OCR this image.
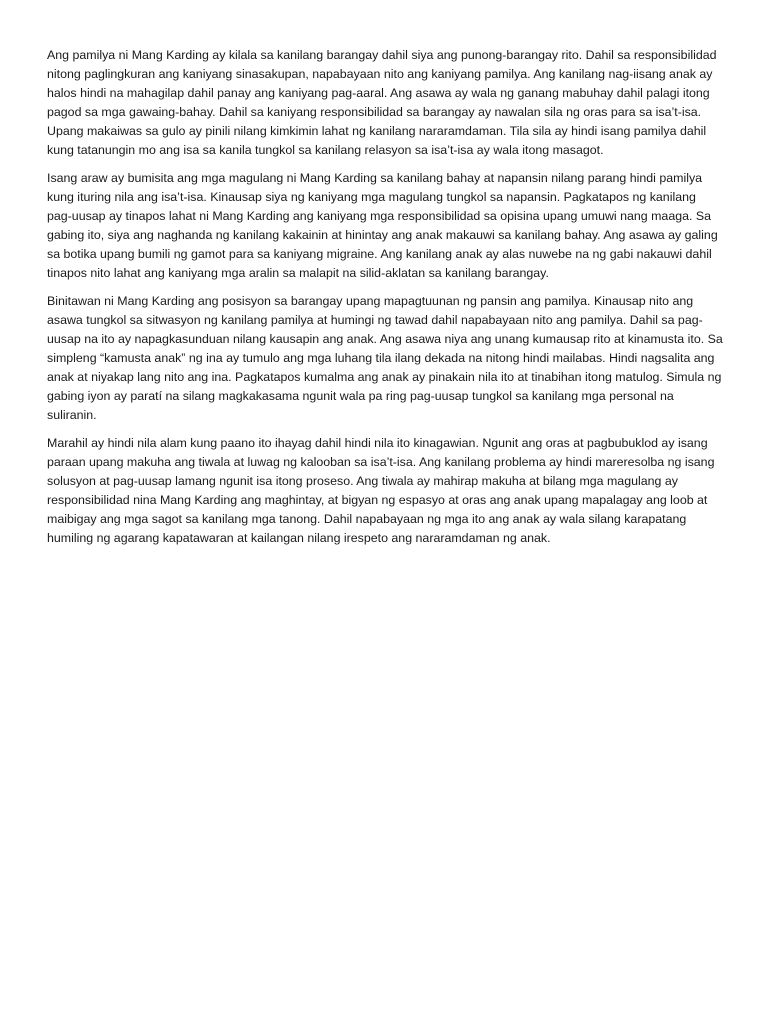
Ang pamilya ni Mang Karding ay kilala sa kanilang barangay dahil siya ang punong-barangay rito. Dahil sa responsibilidad nitong paglingkuran ang kaniyang sinasakupan, napabayaan nito ang kaniyang pamilya. Ang kanilang nag-iisang anak ay halos hindi na mahagilap dahil panay ang kaniyang pag-aaral. Ang asawa ay wala ng ganang mabuhay dahil palagi itong pagod sa mga gawaing-bahay. Dahil sa kaniyang responsibilidad sa barangay ay nawalan sila ng oras para sa isa’t-isa. Upang makaiwas sa gulo ay pinili nilang kimkimin lahat ng kanilang nararamdaman. Tila sila ay hindi isang pamilya dahil kung tatanungin mo ang isa sa kanila tungkol sa kanilang relasyon sa isa’t-isa ay wala itong masagot.

Isang araw ay bumisita ang mga magulang ni Mang Karding sa kanilang bahay at napansin nilang parang hindi pamilya kung ituring nila ang isa’t-isa. Kinausap siya ng kaniyang mga magulang tungkol sa napansin. Pagkatapos ng kanilang pag-uusap ay tinapos lahat ni Mang Karding ang kaniyang mga responsibilidad sa opisina upang umuwi nang maaga. Sa gabing ito, siya ang naghanda ng kanilang kakainin at hinintay ang anak makauwi sa kanilang bahay. Ang asawa ay galing sa botika upang bumili ng gamot para sa kaniyang migraine. Ang kanilang anak ay alas nuwebe na ng gabi nakauwi dahil tinapos nito lahat ang kaniyang mga aralin sa malapit na silid-aklatan sa kanilang barangay.

Binitawan ni Mang Karding ang posisyon sa barangay upang mapagtuunan ng pansin ang pamilya. Kinausap nito ang asawa tungkol sa sitwasyon ng kanilang pamilya at humingi ng tawad dahil napabayaan nito ang pamilya. Dahil sa pag-uusap na ito ay napagkasunduan nilang kausapin ang anak. Ang asawa niya ang unang kumausap rito at kinamusta ito. Sa simpleng “kamusta anak” ng ina ay tumulo ang mga luhang tila ilang dekada na nitong hindi mailabas. Hindi nagsalita ang anak at niyakap lang nito ang ina. Pagkatapos kumalma ang anak ay pinakain nila ito at tinabihan itong matulog. Simula ng gabing iyon ay paratí na silang magkakasama ngunit wala pa ring pag-uusap tungkol sa kanilang mga personal na suliranin.

Marahil ay hindi nila alam kung paano ito ihayag dahil hindi nila ito kinagawian. Ngunit ang oras at pagbubuklod ay isang paraan upang makuha ang tiwala at luwag ng kalooban sa isa’t-isa. Ang kanilang problema ay hindi mareresolba ng isang solusyon at pag-uusap lamang ngunit isa itong proseso. Ang tiwala ay mahirap makuha at bilang mga magulang ay responsibilidad nina Mang Karding ang maghintay, at bigyan ng espasyo at oras ang anak upang mapalagay ang loob at maibigay ang mga sagot sa kanilang mga tanong. Dahil napabayaan ng mga ito ang anak ay wala silang karapatang humiling ng agarang kapatawaran at kailangan nilang irespeto ang nararamdaman ng anak.
